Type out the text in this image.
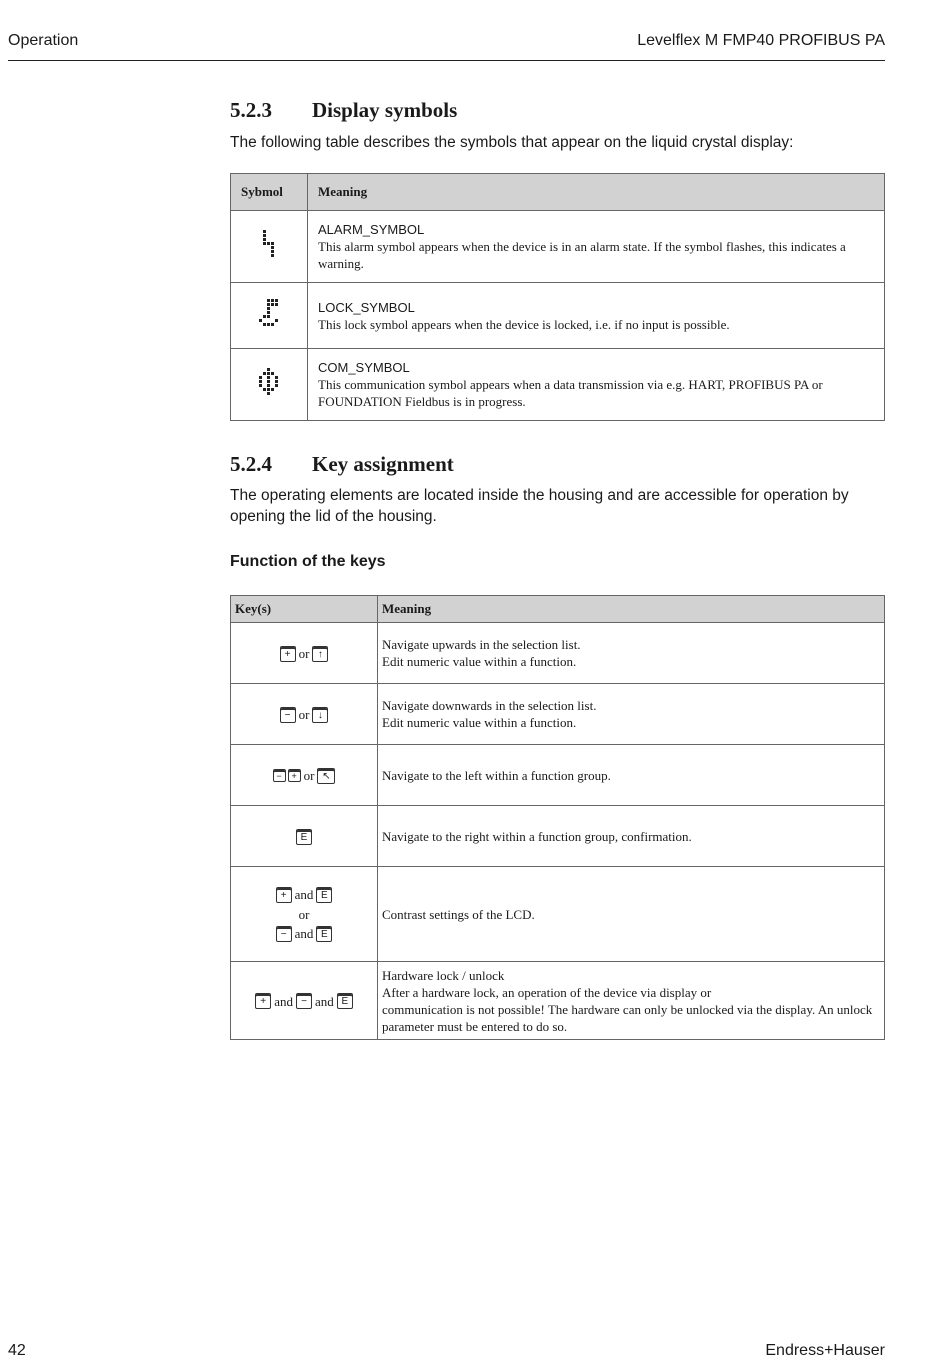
Operation	Levelflex M FMP40 PROFIBUS PA
5.2.3 Display symbols
The following table describes the symbols that appear on the liquid crystal display:
Sybmol	Meaning

ALARM_SYMBOL
This alarm symbol appears when the device is in an alarm state. If the symbol flashes, this indicates a warning.

LOCK_SYMBOL
This lock symbol appears when the device is locked, i.e. if no input is possible.

COM_SYMBOL
This communication symbol appears when a data transmission via e.g. HART, PROFIBUS PA or FOUNDATION Fieldbus is in progress.
5.2.4 Key assignment
The operating elements are located inside the housing and are accessible for operation by opening the lid of the housing.
Function of the keys
Key(s)	Meaning
+ or ↑	Navigate upwards in the selection list.
Edit numeric value within a function.

− or ↓	Navigate downwards in the selection list.
Edit numeric value within a function.

− + or ↖	Navigate to the left within a function group.

E	Navigate to the right within a function group, confirmation.

+ and E
or
− and E	Contrast settings of the LCD.

+ and − and E	Hardware lock / unlock
After a hardware lock, an operation of the device via display or
communication is not possible! The hardware can only be unlocked via the display. An unlock parameter must be entered to do so.
42	Endress+Hauser
